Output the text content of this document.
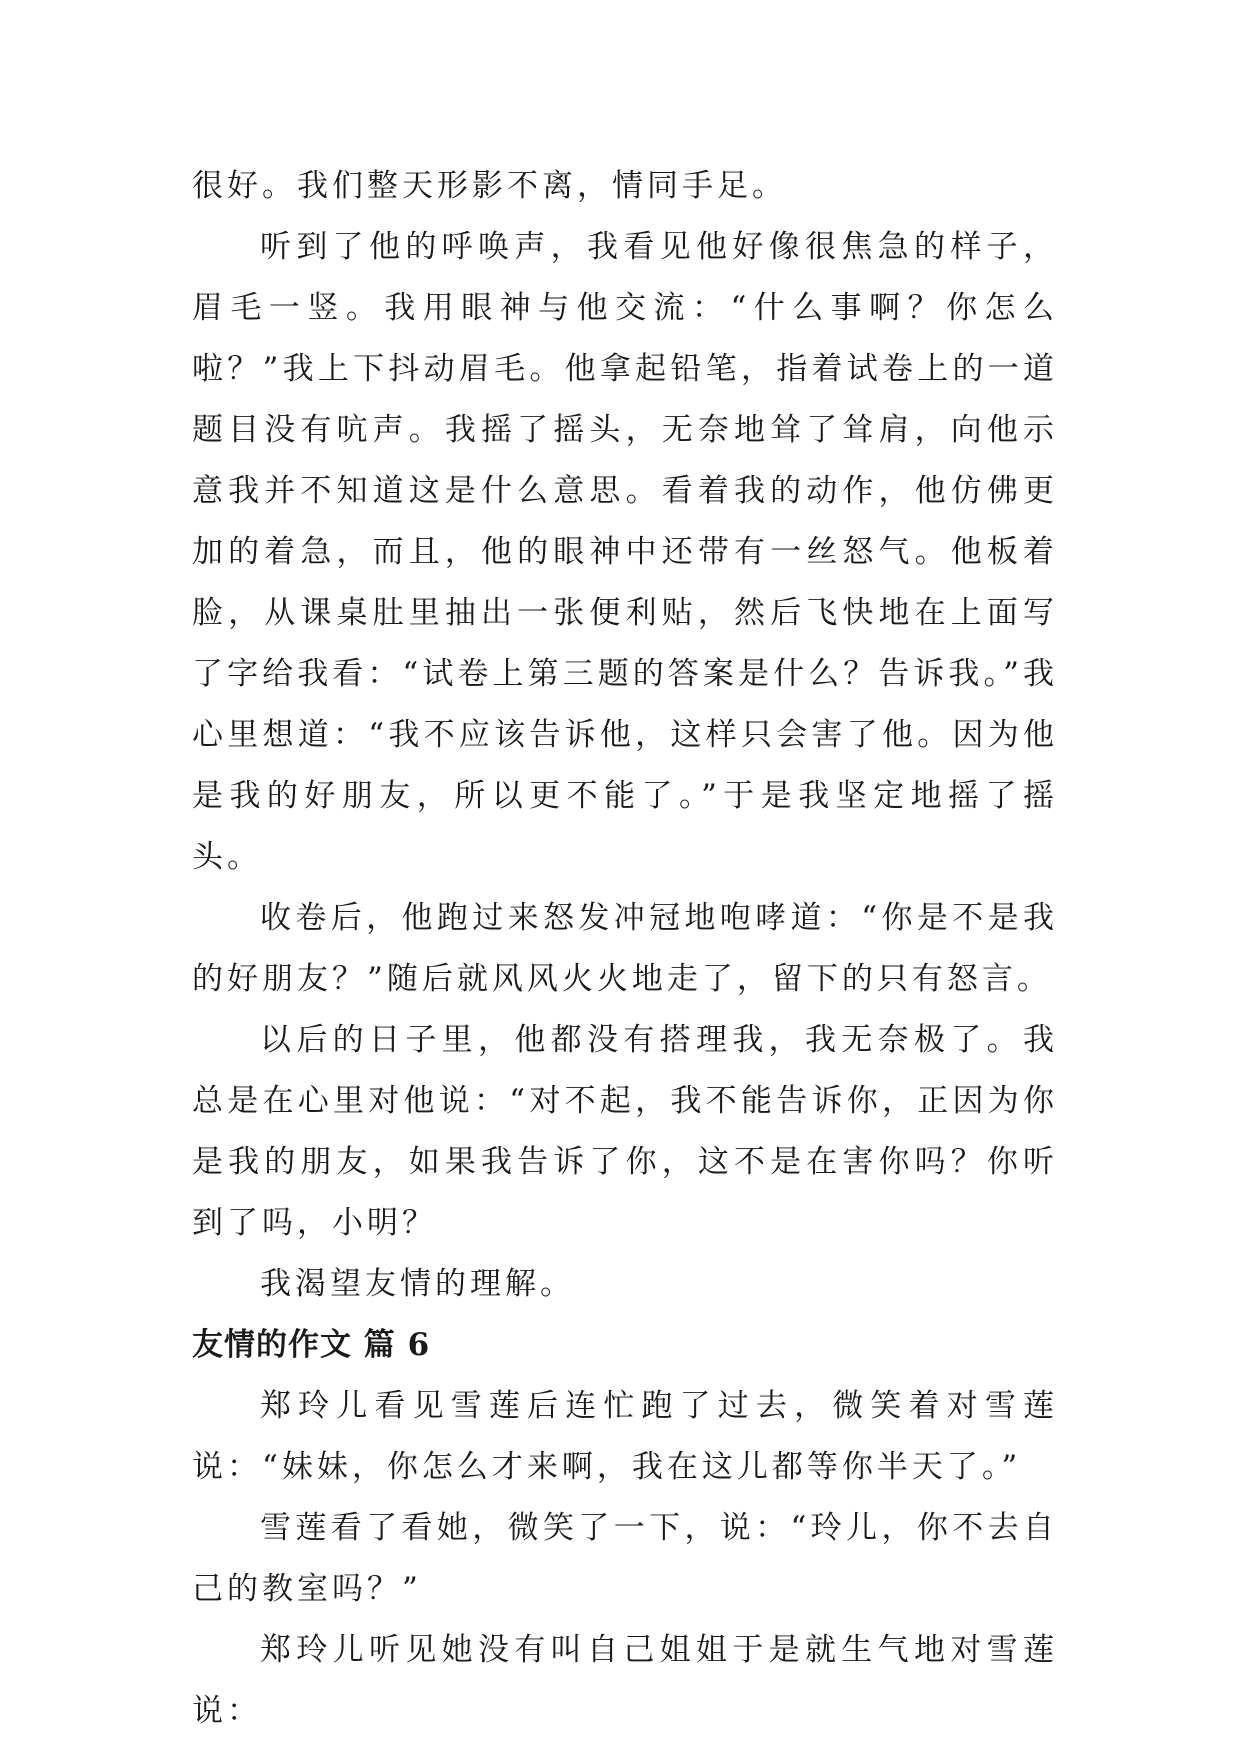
很好。我们整天形影不离，情同手足。

听到了他的呼唤声，我看见他好像很焦急的样子，眉毛一竖。我用眼神与他交流：“什么事啊？你怎么啦？”我上下抖动眉毛。他拿起铅笔，指着试卷上的一道题目没有吭声。我摇了摇头，无奈地耸了耸肩，向他示意我并不知道这是什么意思。看着我的动作，他仿佛更加的着急，而且，他的眼神中还带有一丝怒气。他板着脸，从课桌肚里抽出一张便利贴，然后飞快地在上面写了字给我看：“试卷上第三题的答案是什么？告诉我。”我心里想道：“我不应该告诉他，这样只会害了他。因为他是我的好朋友，所以更不能了。”于是我坚定地摇了摇头。

收卷后，他跑过来怒发冲冠地咆哮道：“你是不是我的好朋友？”随后就风风火火地走了，留下的只有怒言。

以后的日子里，他都没有搭理我，我无奈极了。我总是在心里对他说：“对不起，我不能告诉你，正因为你是我的朋友，如果我告诉了你，这不是在害你吗？你听到了吗，小明？

我渴望友情的理解。

友情的作文 篇 6

郑玲儿看见雪莲后连忙跑了过去，微笑着对雪莲说：“妹妹，你怎么才来啊，我在这儿都等你半天了。”

雪莲看了看她，微笑了一下，说：“玲儿，你不去自己的教室吗？”

郑玲儿听见她没有叫自己姐姐于是就生气地对雪莲说：
